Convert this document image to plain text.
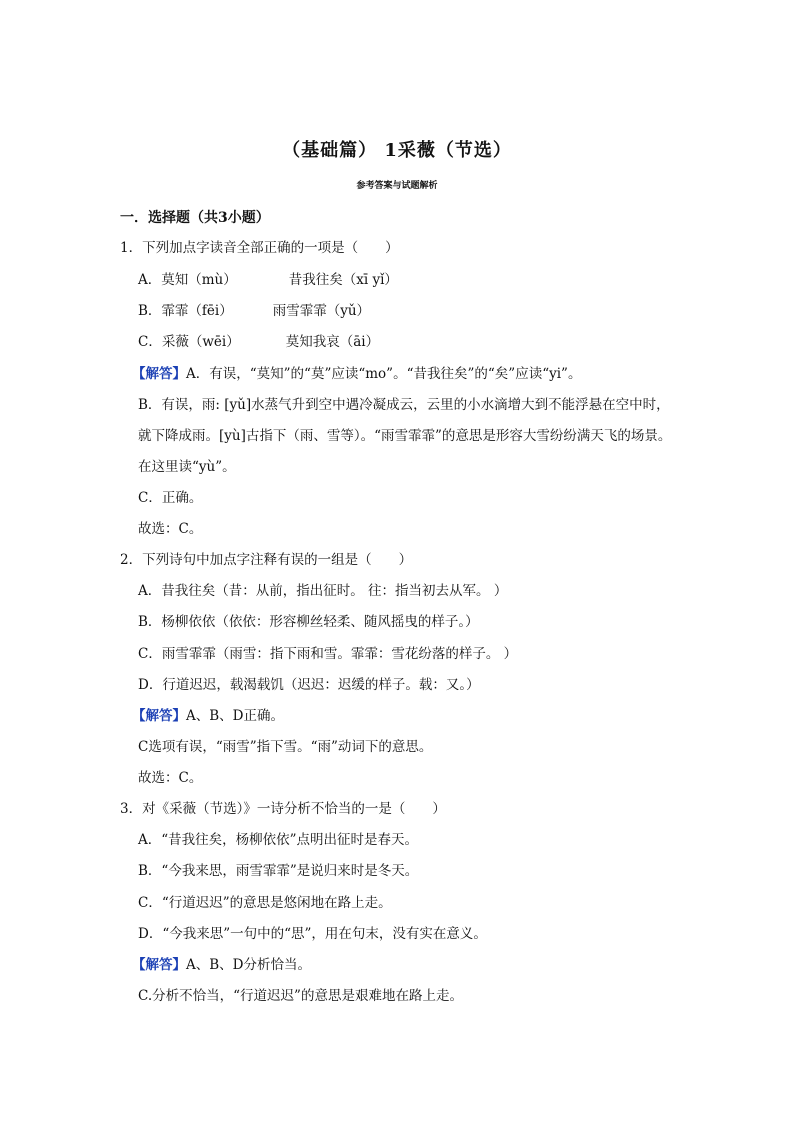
（基础篇） 1采薇（节选）
参考答案与试题解析
一．选择题（共3小题）
1．下列加点字读音全部正确的一项是（　　）
A．莫知（mù）	昔我往矣（xī yǐ）
B．霏霏（fēi）	雨雪霏霏（yǔ）
C．采薇（wēi）	莫知我哀（āi）
【解答】A．有误，“莫知”的“莫”应读“mo”。“昔我往矣”的“矣”应读“yi”。
B．有误，雨: [yǔ]水蒸气升到空中遇冷凝成云，云里的小水滴增大到不能浮悬在空中时，
就下降成雨。[yù]古指下（雨、雪等）。“雨雪霏霏”的意思是形容大雪纷纷满天飞的场景。
在这里读“yù”。
C．正确。
故选：C。
2．下列诗句中加点字注释有误的一组是（　　）
A．昔我往矣（昔：从前，指出征时。 往：指当初去从军。 ）
B．杨柳依依（依依：形容柳丝轻柔、随风摇曳的样子。）
C．雨雪霏霏（雨雪：指下雨和雪。霏霏：雪花纷落的样子。 ）
D．行道迟迟，载渴载饥（迟迟：迟缓的样子。载：又。）
【解答】A、B、D正确。
C选项有误，“雨雪”指下雪。“雨”动词下的意思。
故选：C。
3．对《采薇（节选）》一诗分析不恰当的一是（　　）
A．“昔我往矣，杨柳依依”点明出征时是春天。
B．“今我来思，雨雪霏霏”是说归来时是冬天。
C．“行道迟迟”的意思是悠闲地在路上走。
D．“今我来思”一句中的“思”，用在句末，没有实在意义。
【解答】A、B、D分析恰当。
C.分析不恰当，“行道迟迟”的意思是艰难地在路上走。
